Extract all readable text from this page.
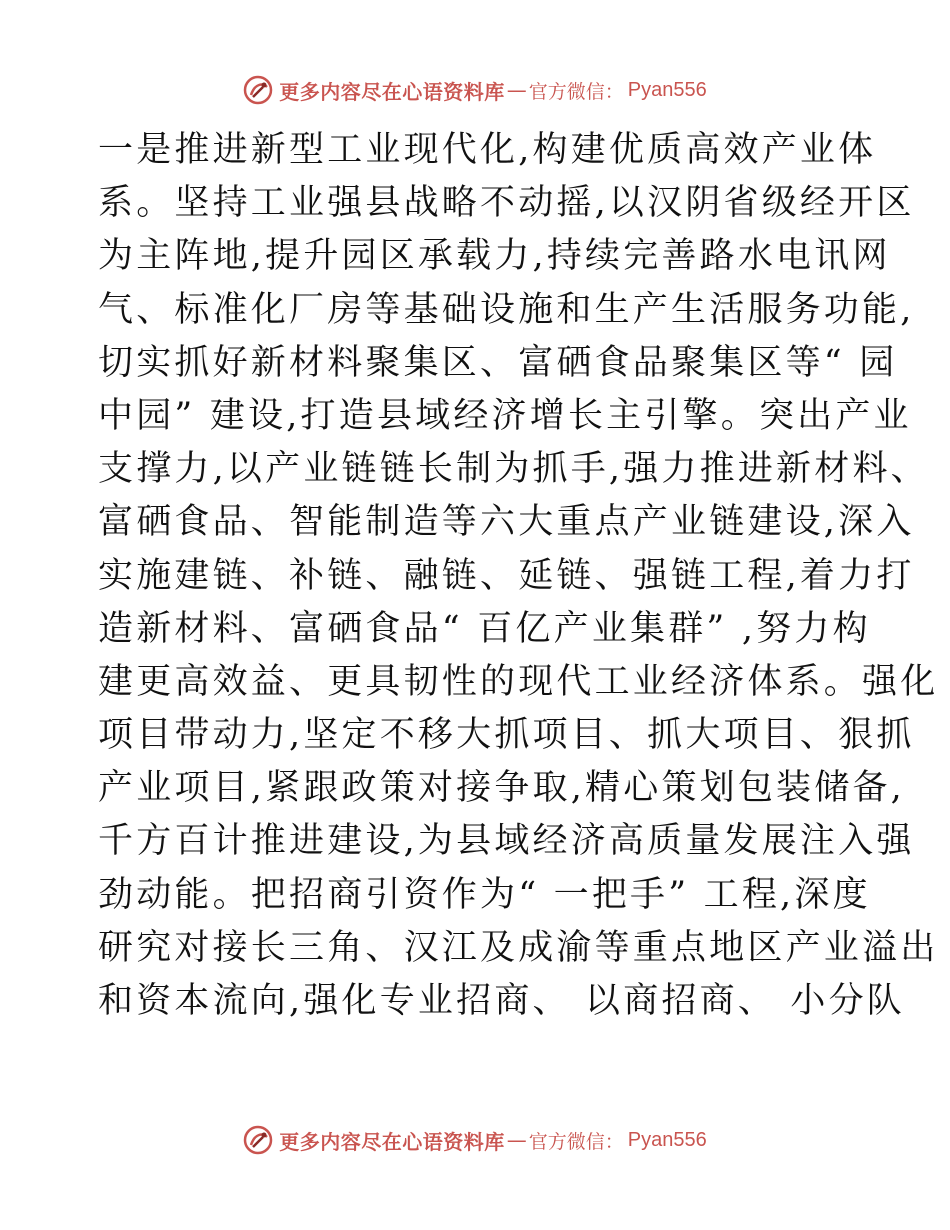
更多内容尽在心语资料库 — 官方微信： Pyan556
一是推进新型工业现代化,构建优质高效产业体
系。坚持工业强县战略不动摇,以汉阴省级经开区
为主阵地,提升园区承载力,持续完善路水电讯网
气、标准化厂房等基础设施和生产生活服务功能,
切实抓好新材料聚集区、富硒食品聚集区等“ 园
中园” 建设,打造县域经济增长主引擎。突出产业
支撑力,以产业链链长制为抓手,强力推进新材料、
富硒食品、智能制造等六大重点产业链建设,深入
实施建链、补链、融链、延链、强链工程,着力打
造新材料、富硒食品“ 百亿产业集群” ,努力构
建更高效益、更具韧性的现代工业经济体系。强化
项目带动力,坚定不移大抓项目、抓大项目、狠抓
产业项目,紧跟政策对接争取,精心策划包装储备,
千方百计推进建设,为县域经济高质量发展注入强
劲动能。把招商引资作为“ 一把手” 工程,深度
研究对接长三角、汉江及成渝等重点地区产业溢出
和资本流向,强化专业招商、 以商招商、 小分队
更多内容尽在心语资料库 — 官方微信： Pyan556
